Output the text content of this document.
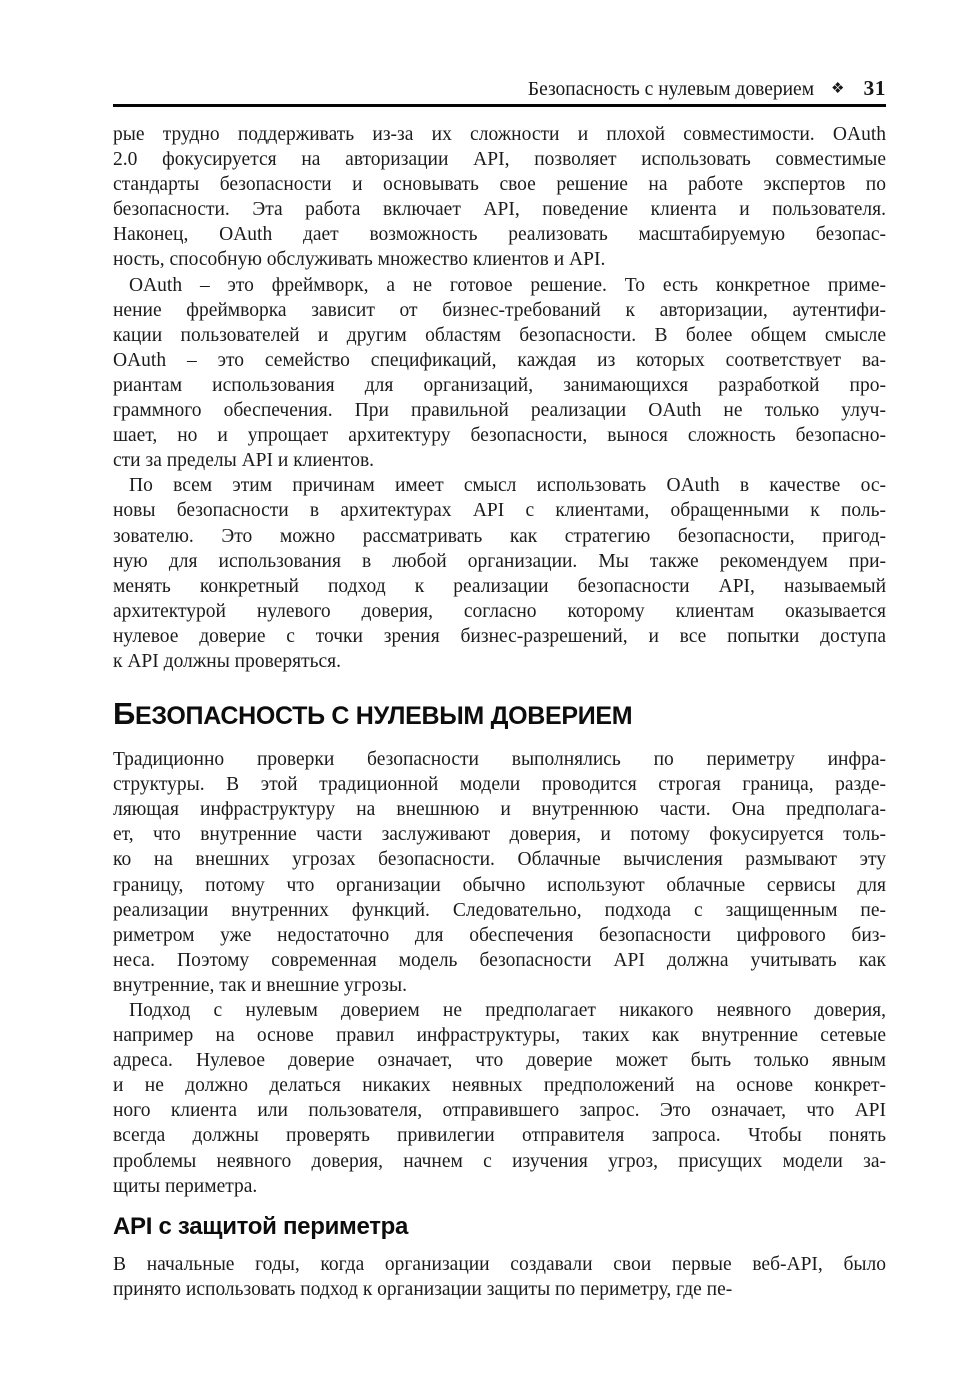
Безопасность с нулевым доверием ❖ 31
рые трудно поддерживать из-за их сложности и плохой совместимости. OAuth
2.0 фокусируется на авторизации API, позволяет использовать совместимые
стандарты безопасности и основывать свое решение на работе экспертов по
безопасности. Эта работа включает API, поведение клиента и пользователя.
Наконец, OAuth дает возможность реализовать масштабируемую безопас-
ность, способную обслуживать множество клиентов и API.
OAuth – это фреймворк, а не готовое решение. То есть конкретное приме-
нение фреймворка зависит от бизнес-требований к авторизации, аутентифи-
кации пользователей и другим областям безопасности. В более общем смысле
OAuth – это семейство спецификаций, каждая из которых соответствует ва-
риантам использования для организаций, занимающихся разработкой про-
граммного обеспечения. При правильной реализации OAuth не только улуч-
шает, но и упрощает архитектуру безопасности, вынося сложность безопасно-
сти за пределы API и клиентов.
По всем этим причинам имеет смысл использовать OAuth в качестве ос-
новы безопасности в архитектурах API с клиентами, обращенными к поль-
зователю. Это можно рассматривать как стратегию безопасности, пригод-
ную для использования в любой организации. Мы также рекомендуем при-
менять конкретный подход к реализации безопасности API, называемый
архитектурой нулевого доверия, согласно которому клиентам оказывается
нулевое доверие с точки зрения бизнес-разрешений, и все попытки доступа
к API должны проверяться.
БЕЗОПАСНОСТЬ С НУЛЕВЫМ ДОВЕРИЕМ
Традиционно проверки безопасности выполнялись по периметру инфра-
структуры. В этой традиционной модели проводится строгая граница, разде-
ляющая инфраструктуру на внешнюю и внутреннюю части. Она предполага-
ет, что внутренние части заслуживают доверия, и потому фокусируется толь-
ко на внешних угрозах безопасности. Облачные вычисления размывают эту
границу, потому что организации обычно используют облачные сервисы для
реализации внутренних функций. Следовательно, подхода с защищенным пе-
риметром уже недостаточно для обеспечения безопасности цифрового биз-
неса. Поэтому современная модель безопасности API должна учитывать как
внутренние, так и внешние угрозы.
Подход с нулевым доверием не предполагает никакого неявного доверия,
например на основе правил инфраструктуры, таких как внутренние сетевые
адреса. Нулевое доверие означает, что доверие может быть только явным
и не должно делаться никаких неявных предположений на основе конкрет-
ного клиента или пользователя, отправившего запрос. Это означает, что API
всегда должны проверять привилегии отправителя запроса. Чтобы понять
проблемы неявного доверия, начнем с изучения угроз, присущих модели за-
щиты периметра.
API с защитой периметра
В начальные годы, когда организации создавали свои первые веб-API, было
принято использовать подход к организации защиты по периметру, где пе-
